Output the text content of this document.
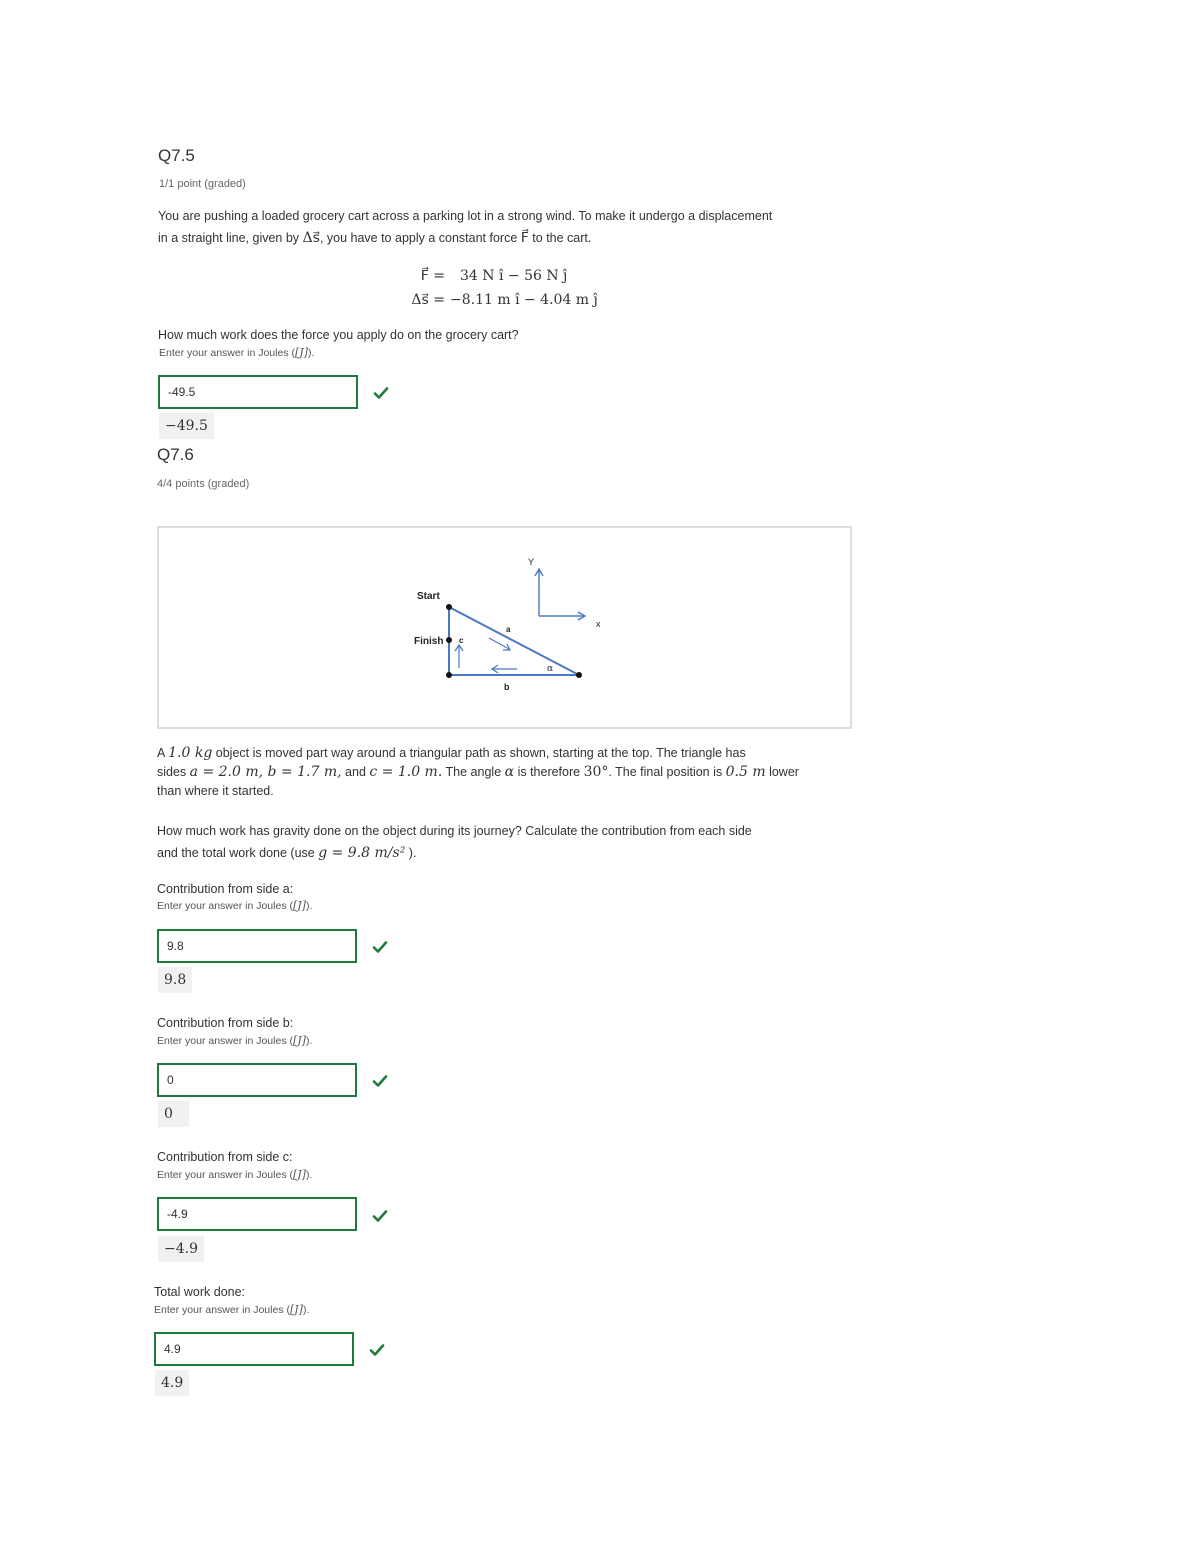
Q7.5
1/1 point (graded)
You are pushing a loaded grocery cart across a parking lot in a strong wind. To make it undergo a displacement
in a straight line, given by Δs⃗, you have to apply a constant force F⃗ to the cart.
F⃗ = 34 N î − 56 N ĵ
Δs⃗ = −8.11 m î − 4.04 m ĵ
How much work does the force you apply do on the grocery cart?
Enter your answer in Joules ([J]).
-49.5
−49.5
Q7.6
4/4 points (graded)
Y
x
Start
Finish c
a
b
α
A 1.0 kg object is moved part way around a triangular path as shown, starting at the top. The triangle has
sides a = 2.0 m, b = 1.7 m, and c = 1.0 m. The angle α is therefore 30°. The final position is 0.5 m lower
than where it started.
How much work has gravity done on the object during its journey? Calculate the contribution from each side
and the total work done (use g = 9.8 m/s² ).
Contribution from side a:
Enter your answer in Joules ([J]).
9.8
9.8
Contribution from side b:
Enter your answer in Joules ([J]).
0
0
Contribution from side c:
Enter your answer in Joules ([J]).
-4.9
−4.9
Total work done:
Enter your answer in Joules ([J]).
4.9
4.9
